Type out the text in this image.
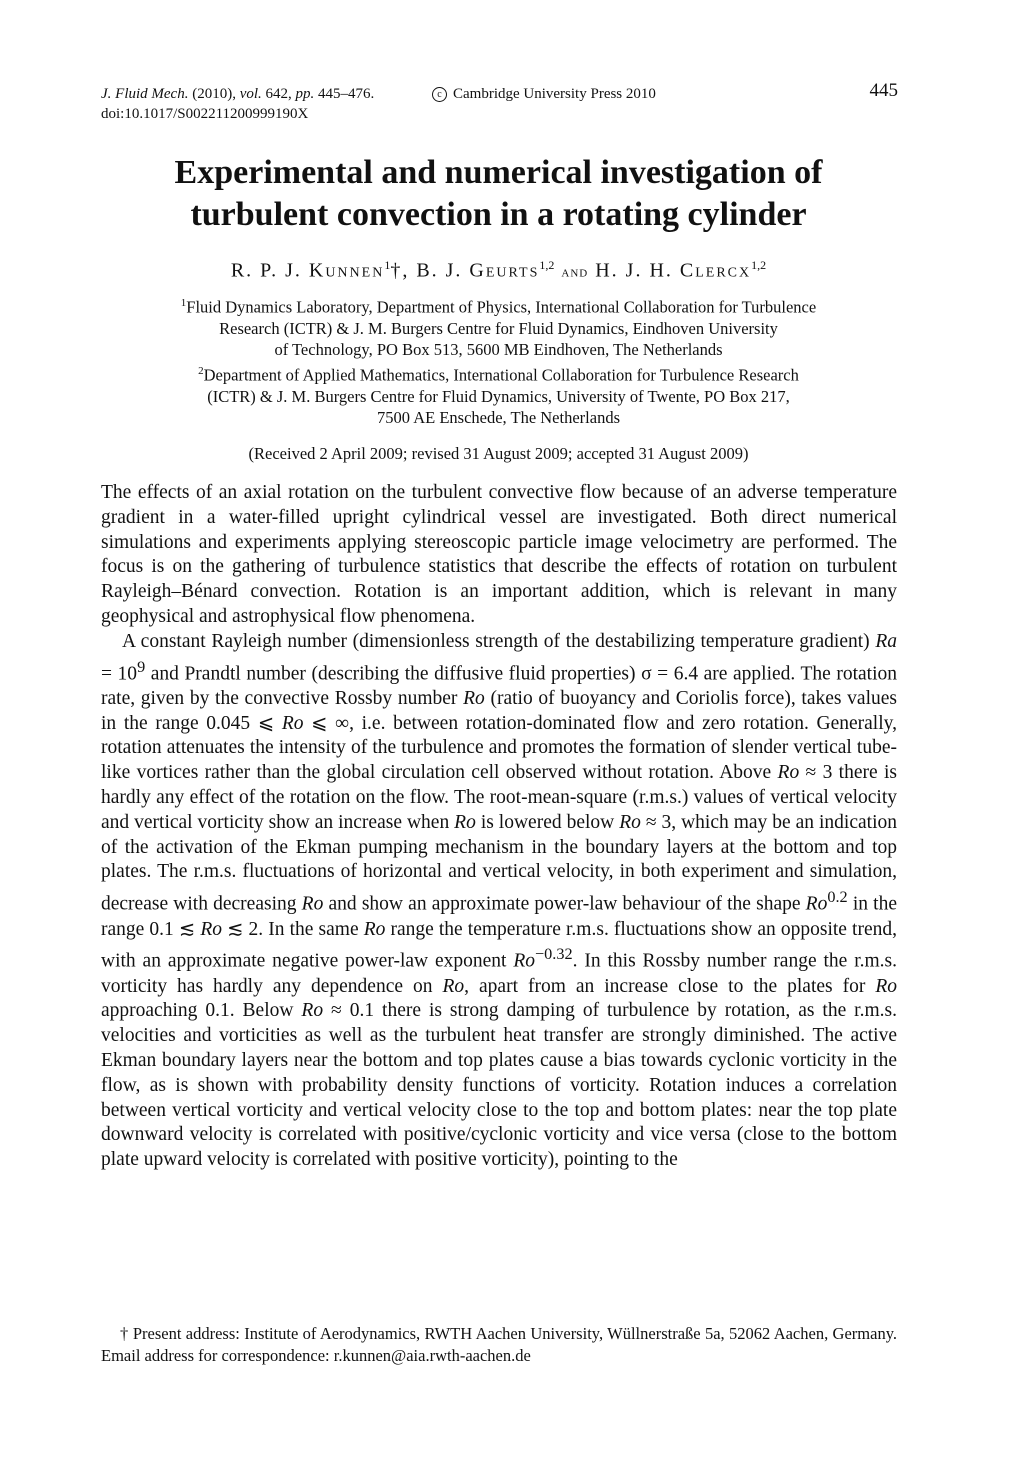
J. Fluid Mech. (2010), vol. 642, pp. 445–476.	c Cambridge University Press 2010	445
doi:10.1017/S002211200999190X
Experimental and numerical investigation of
turbulent convection in a rotating cylinder
R. P. J. Kunnen$^1$†, B. J. Geurts$^{1,2}$ and H. J. H. Clercx$^{1,2}$
$^1$Fluid Dynamics Laboratory, Department of Physics, International Collaboration for Turbulence
Research (ICTR) & J. M. Burgers Centre for Fluid Dynamics, Eindhoven University
of Technology, PO Box 513, 5600 MB Eindhoven, The Netherlands
$^2$Department of Applied Mathematics, International Collaboration for Turbulence Research
(ICTR) & J. M. Burgers Centre for Fluid Dynamics, University of Twente, PO Box 217,
7500 AE Enschede, The Netherlands
(Received 2 April 2009; revised 31 August 2009; accepted 31 August 2009)

The effects of an axial rotation on the turbulent convective flow because of an adverse temperature gradient in a water-filled upright cylindrical vessel are investigated. Both direct numerical simulations and experiments applying stereoscopic particle image velocimetry are performed. The focus is on the gathering of turbulence statistics that describe the effects of rotation on turbulent Rayleigh–Bénard convection. Rotation is an important addition, which is relevant in many geophysical and astrophysical flow phenomena.

A constant Rayleigh number (dimensionless strength of the destabilizing temperature gradient) $Ra = 10^9$ and Prandtl number (describing the diffusive fluid properties) σ = 6.4 are applied. The rotation rate, given by the convective Rossby number Ro (ratio of buoyancy and Coriolis force), takes values in the range 0.045 ⩽ Ro ⩽ ∞, i.e. between rotation-dominated flow and zero rotation. Generally, rotation attenuates the intensity of the turbulence and promotes the formation of slender vertical tube-like vortices rather than the global circulation cell observed without rotation. Above Ro ≈ 3 there is hardly any effect of the rotation on the flow. The root-mean-square (r.m.s.) values of vertical velocity and vertical vorticity show an increase when Ro is lowered below Ro ≈ 3, which may be an indication of the activation of the Ekman pumping mechanism in the boundary layers at the bottom and top plates. The r.m.s. fluctuations of horizontal and vertical velocity, in both experiment and simulation, decrease with decreasing Ro and show an approximate power-law behaviour of the shape $Ro^{0.2}$ in the range 0.1 ≲ Ro ≲ 2. In the same Ro range the temperature r.m.s. fluctuations show an opposite trend, with an approximate negative power-law exponent $Ro^{-0.32}$. In this Rossby number range the r.m.s. vorticity has hardly any dependence on Ro, apart from an increase close to the plates for Ro approaching 0.1. Below Ro ≈ 0.1 there is strong damping of turbulence by rotation, as the r.m.s. velocities and vorticities as well as the turbulent heat transfer are strongly diminished. The active Ekman boundary layers near the bottom and top plates cause a bias towards cyclonic vorticity in the flow, as is shown with probability density functions of vorticity. Rotation induces a correlation between vertical vorticity and vertical velocity close to the top and bottom plates: near the top plate downward velocity is correlated with positive/cyclonic vorticity and vice versa (close to the bottom plate upward velocity is correlated with positive vorticity), pointing to the

† Present address: Institute of Aerodynamics, RWTH Aachen University, Wüllnerstraße 5a, 52062 Aachen, Germany. Email address for correspondence: r.kunnen@aia.rwth-aachen.de
